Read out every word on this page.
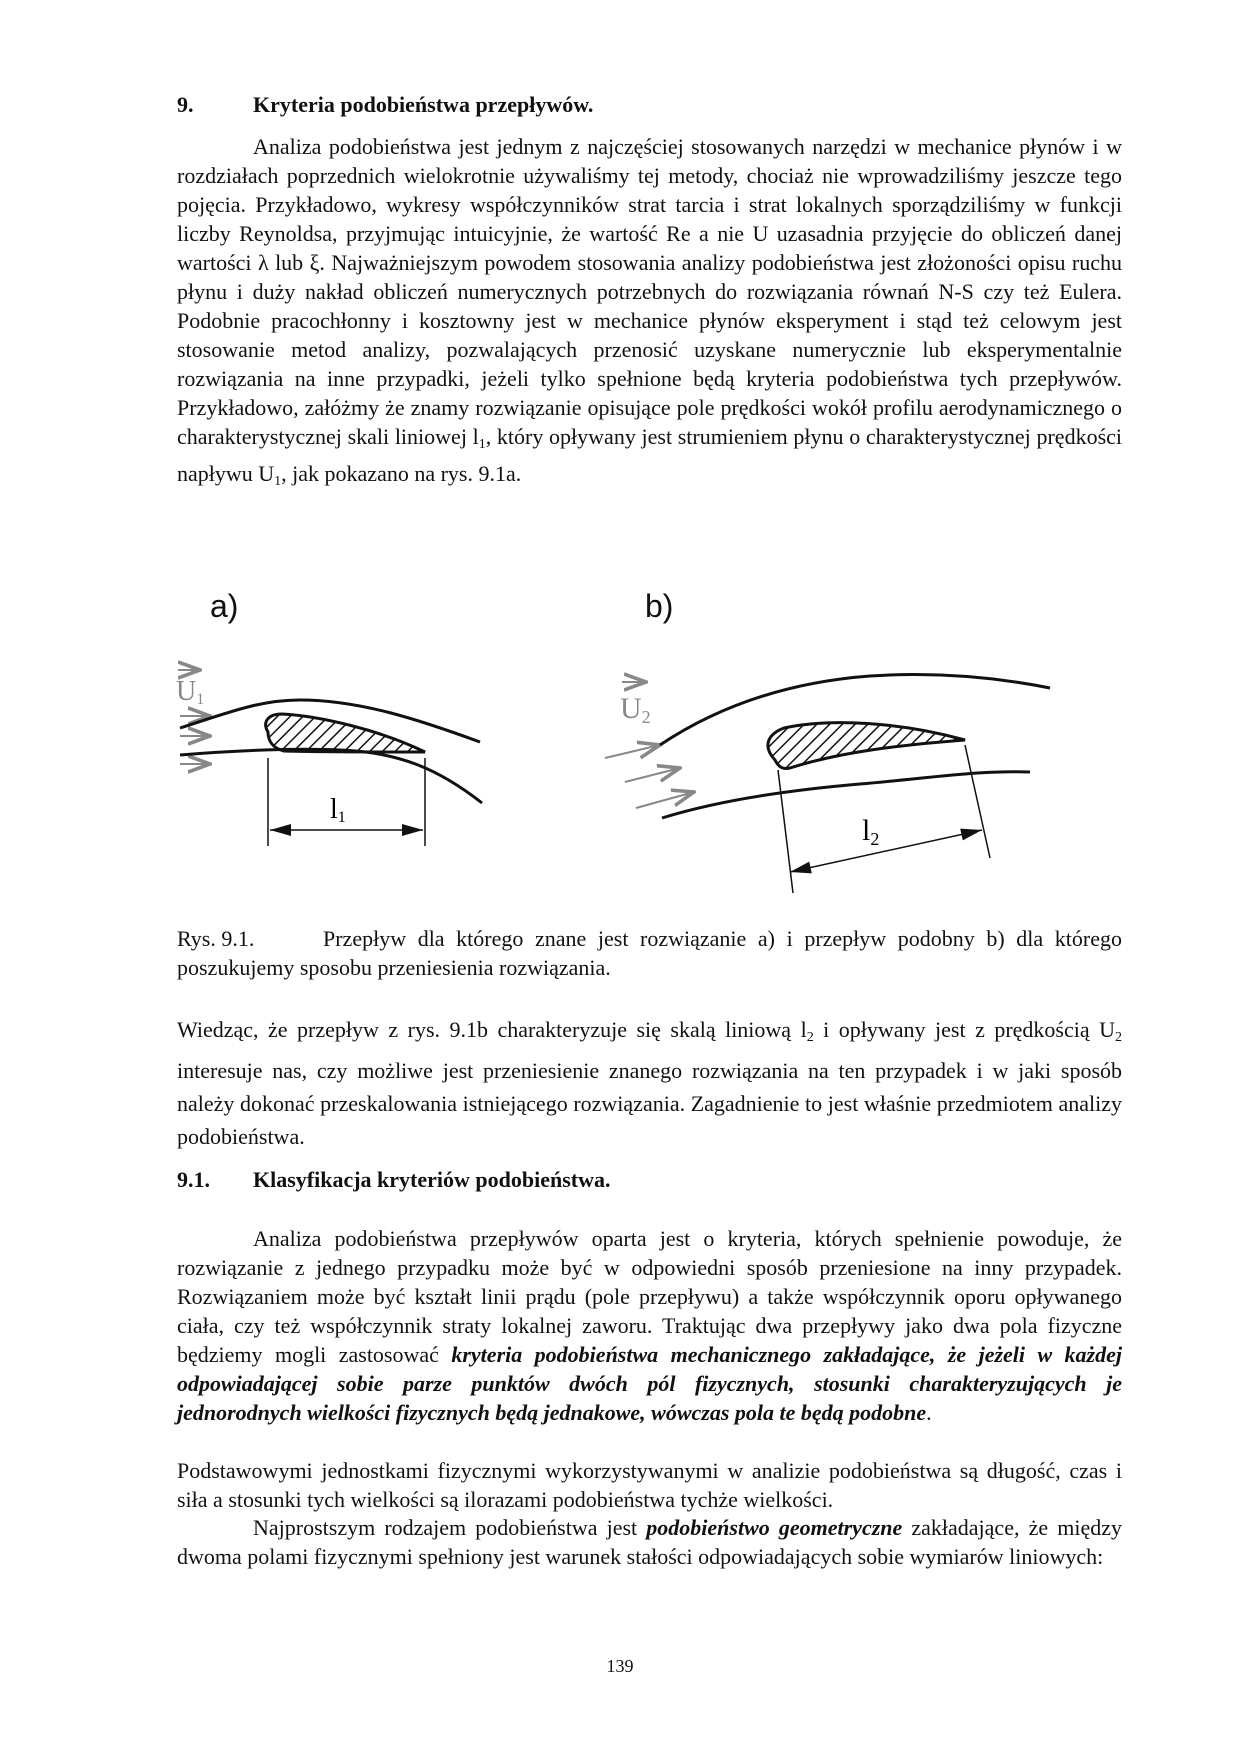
9.	Kryteria podobieństwa przepływów.

Analiza podobieństwa jest jednym z najczęściej stosowanych narzędzi w mechanice płynów i w rozdziałach poprzednich wielokrotnie używaliśmy tej metody, chociaż nie wprowadziliśmy jeszcze tego pojęcia. Przykładowo, wykresy współczynników strat tarcia i strat lokalnych sporządziliśmy w funkcji liczby Reynoldsa, przyjmując intuicyjnie, że wartość Re a nie U uzasadnia przyjęcie do obliczeń danej wartości λ lub ξ. Najważniejszym powodem stosowania analizy podobieństwa jest złożoności opisu ruchu płynu i duży nakład obliczeń numerycznych potrzebnych do rozwiązania równań N-S czy też Eulera. Podobnie pracochłonny i kosztowny jest w mechanice płynów eksperyment i stąd też celowym jest stosowanie metod analizy, pozwalających przenosić uzyskane numerycznie lub eksperymentalnie rozwiązania na inne przypadki, jeżeli tylko spełnione będą kryteria podobieństwa tych przepływów. Przykładowo, załóżmy że znamy rozwiązanie opisujące pole prędkości wokół profilu aerodynamicznego o charakterystycznej skali liniowej $l_1$, który opływany jest strumieniem płynu o charakterystycznej prędkości napływu $U_1$, jak pokazano na rys. 9.1a.

a)	b)
U1
l1
U2
l2

Rys. 9.1.	Przepływ dla którego znane jest rozwiązanie a) i przepływ podobny b) dla którego poszukujemy sposobu przeniesienia rozwiązania.

Wiedząc, że przepływ z rys. 9.1b charakteryzuje się skalą liniową $l_2$ i opływany jest z prędkością $U_2$ interesuje nas, czy możliwe jest przeniesienie znanego rozwiązania na ten przypadek i w jaki sposób należy dokonać przeskalowania istniejącego rozwiązania. Zagadnienie to jest właśnie przedmiotem analizy podobieństwa.

9.1. Klasyfikacja kryteriów podobieństwa.

Analiza podobieństwa przepływów oparta jest o kryteria, których spełnienie powoduje, że rozwiązanie z jednego przypadku może być w odpowiedni sposób przeniesione na inny przypadek. Rozwiązaniem może być kształt linii prądu (pole przepływu) a także współczynnik oporu opływanego ciała, czy też współczynnik straty lokalnej zaworu. Traktując dwa przepływy jako dwa pola fizyczne będziemy mogli zastosować kryteria podobieństwa mechanicznego zakładające, że jeżeli w każdej odpowiadającej sobie parze punktów dwóch pól fizycznych, stosunki charakteryzujących je jednorodnych wielkości fizycznych będą jednakowe, wówczas pola te będą podobne.

Podstawowymi jednostkami fizycznymi wykorzystywanymi w analizie podobieństwa są długość, czas i siła a stosunki tych wielkości są ilorazami podobieństwa tychże wielkości.

Najprostszym rodzajem podobieństwa jest podobieństwo geometryczne zakładające, że między dwoma polami fizycznymi spełniony jest warunek stałości odpowiadających sobie wymiarów liniowych:

139
